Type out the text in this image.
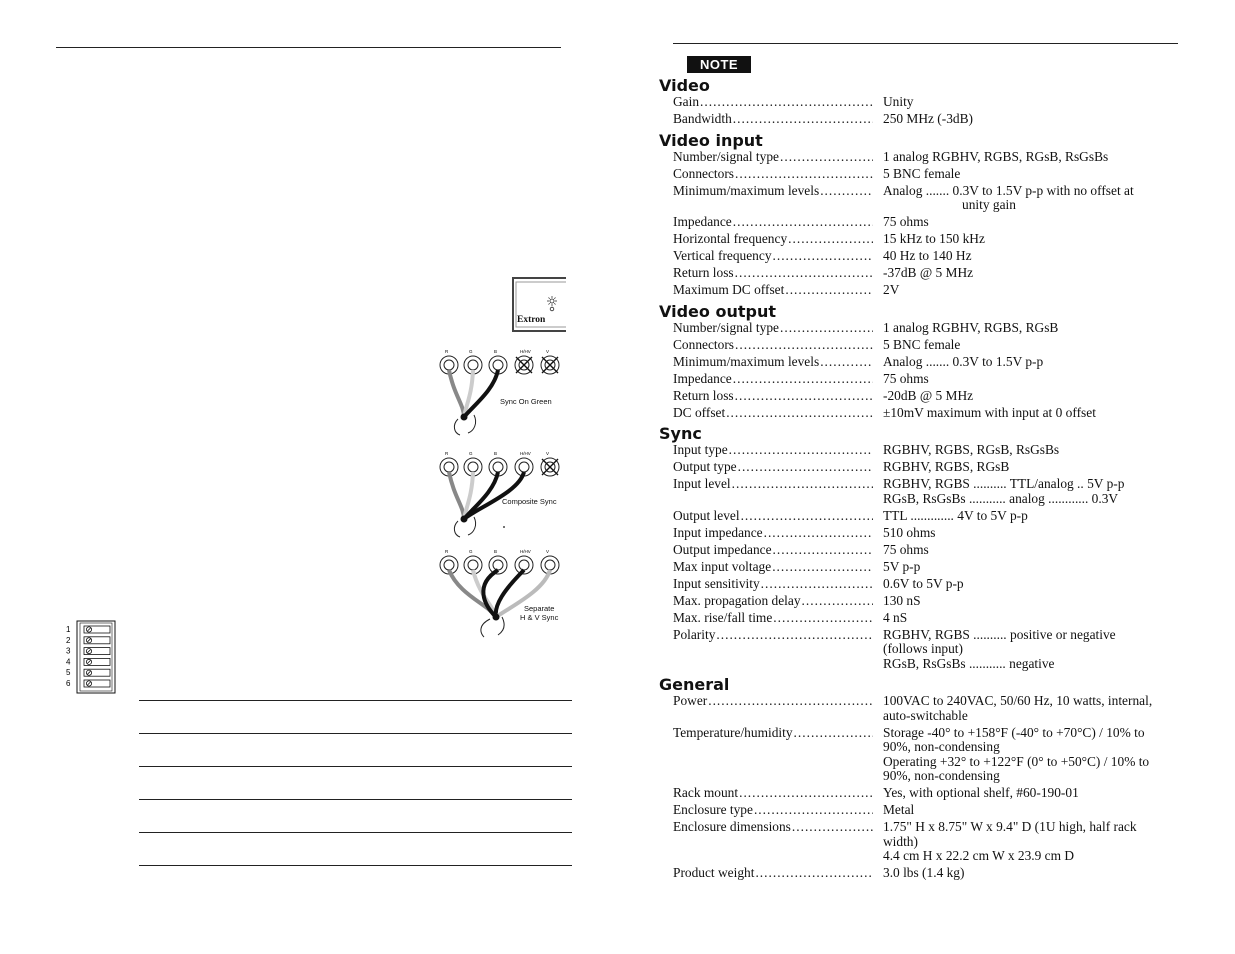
Extron
R	G	B	H/HV	V
Sync On Green
R	G	B	H/HV	V
Composite Sync
R	G	B	H/HV	V
Separate
H & V Sync
1
2
3
4
5
6
NOTE
Video
Gain .....	Unity
Bandwidth .....	250 MHz (-3dB)
Video input
Number/signal type .....	1 analog RGBHV, RGBS, RGsB, RsGsBs
Connectors .....	5 BNC female
Minimum/maximum levels .....	Analog ....... 0.3V to 1.5V p-p with no offset at
unity gain
Impedance .....	75 ohms
Horizontal frequency .....	15 kHz to 150 kHz
Vertical frequency .....	40 Hz to 140 Hz
Return loss .....	-37dB @ 5 MHz
Maximum DC offset .....	2V
Video output
Number/signal type .....	1 analog RGBHV, RGBS, RGsB
Connectors .....	5 BNC female
Minimum/maximum levels .....	Analog ....... 0.3V to 1.5V p-p
Impedance .....	75 ohms
Return loss .....	-20dB @ 5 MHz
DC offset .....	±10mV maximum with input at 0 offset
Sync
Input type .....	RGBHV, RGBS, RGsB, RsGsBs
Output type .....	RGBHV, RGBS, RGsB
Input level .....	RGBHV, RGBS .......... TTL/analog .. 5V p-p
RGsB, RsGsBs ........... analog ............ 0.3V
Output level .....	TTL ............. 4V to 5V p-p
Input impedance .....	510 ohms
Output impedance .....	75 ohms
Max input voltage .....	5V p-p
Input sensitivity .....	0.6V to 5V p-p
Max. propagation delay .....	130 nS
Max. rise/fall time .....	4 nS
Polarity .....	RGBHV, RGBS .......... positive or negative
(follows input)
RGsB, RsGsBs ........... negative
General
Power .....	100VAC to 240VAC, 50/60 Hz, 10 watts, internal,
auto-switchable
Temperature/humidity .....	Storage -40° to +158°F (-40° to +70°C) / 10% to
90%, non-condensing
Operating +32° to +122°F (0° to +50°C) / 10% to
90%, non-condensing
Rack mount .....	Yes, with optional shelf, #60-190-01
Enclosure type .....	Metal
Enclosure dimensions .....	1.75" H x 8.75" W x 9.4" D (1U high, half rack
width)
4.4 cm H x 22.2 cm W x 23.9 cm D
Product weight .....	3.0 lbs (1.4 kg)
